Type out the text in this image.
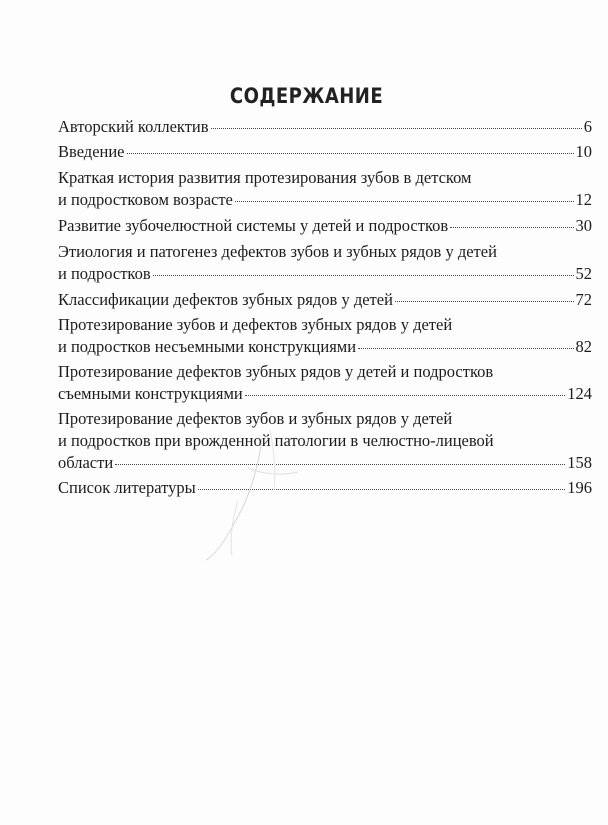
СОДЕРЖАНИЕ
Авторский коллектив	6
Введение	10
Краткая история развития протезирования зубов в детском
и подростковом возрасте	12
Развитие зубочелюстной системы у детей и подростков	30
Этиология и патогенез дефектов зубов и зубных рядов у детей
и подростков	52
Классификации дефектов зубных рядов у детей	72
Протезирование зубов и дефектов зубных рядов у детей
и подростков несъемными конструкциями	82
Протезирование дефектов зубных рядов у детей и подростков
съемными конструкциями	124
Протезирование дефектов зубов и зубных рядов у детей
и подростков при врожденной патологии в челюстно-лицевой
области	158
Список литературы	196
